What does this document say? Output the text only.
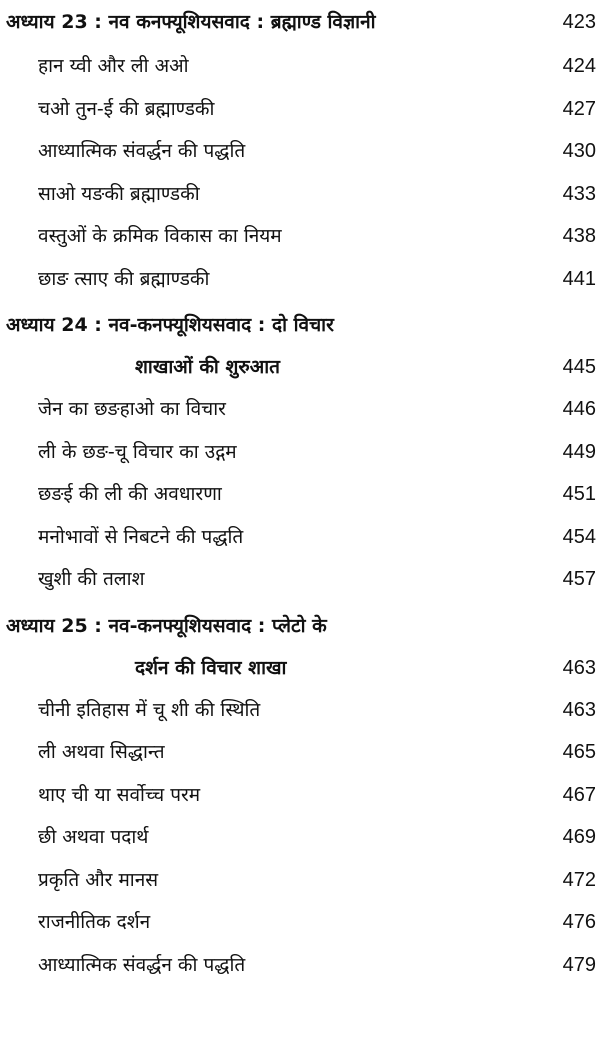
अध्याय 23 : नव कनफ्यूशियसवाद : ब्रह्माण्ड विज्ञानी	423
हान य्वी और ली अओ	424
चओ तुन-ई की ब्रह्माण्डकी	427
आध्यात्मिक संवर्द्धन की पद्धति	430
साओ यङकी ब्रह्माण्डकी	433
वस्तुओं के क्रमिक विकास का नियम	438
छाङ त्साए की ब्रह्माण्डकी	441
अध्याय 24 : नव-कनफ्यूशियसवाद : दो विचार
शाखाओं की शुरुआत	445
जेन का छङहाओ का विचार	446
ली के छङ-चू विचार का उद्गम	449
छङई की ली की अवधारणा	451
मनोभावों से निबटने की पद्धति	454
खुशी की तलाश	457
अध्याय 25 : नव-कनफ्यूशियसवाद : प्लेटो के
दर्शन की विचार शाखा	463
चीनी इतिहास में चू शी की स्थिति	463
ली अथवा सिद्धान्त	465
थाए ची या सर्वोच्च परम	467
छी अथवा पदार्थ	469
प्रकृति और मानस	472
राजनीतिक दर्शन	476
आध्यात्मिक संवर्द्धन की पद्धति	479
